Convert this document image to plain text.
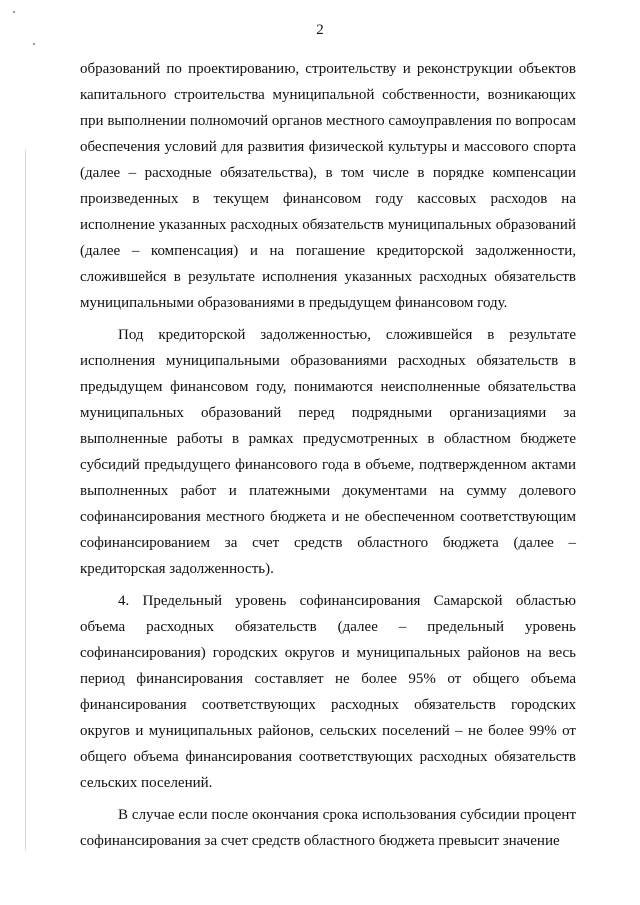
2

образований по проектированию, строительству и реконструкции объектов капитального строительства муниципальной собственности, возникающих при выполнении полномочий органов местного самоуправления по вопросам обеспечения условий для развития физической культуры и массового спорта (далее – расходные обязательства), в том числе в порядке компенсации произведенных в текущем финансовом году кассовых расходов на исполнение указанных расходных обязательств муниципальных образований (далее – компенсация) и на погашение кредиторской задолженности, сложившейся в результате исполнения указанных расходных обязательств муниципальными образованиями в предыдущем финансовом году.

Под кредиторской задолженностью, сложившейся в результате исполнения муниципальными образованиями расходных обязательств в предыдущем финансовом году, понимаются неисполненные обязательства муниципальных образований перед подрядными организациями за выполненные работы в рамках предусмотренных в областном бюджете субсидий предыдущего финансового года в объеме, подтвержденном актами выполненных работ и платежными документами на сумму долевого софинансирования местного бюджета и не обеспеченном соответствующим софинансированием за счет средств областного бюджета (далее – кредиторская задолженность).

4. Предельный уровень софинансирования Самарской областью объема расходных обязательств (далее – предельный уровень софинансирования) городских округов и муниципальных районов на весь период финансирования составляет не более 95% от общего объема финансирования соответствующих расходных обязательств городских округов и муниципальных районов, сельских поселений – не более 99% от общего объема финансирования соответствующих расходных обязательств сельских поселений.

В случае если после окончания срока использования субсидии процент софинансирования за счет средств областного бюджета превысит значение
